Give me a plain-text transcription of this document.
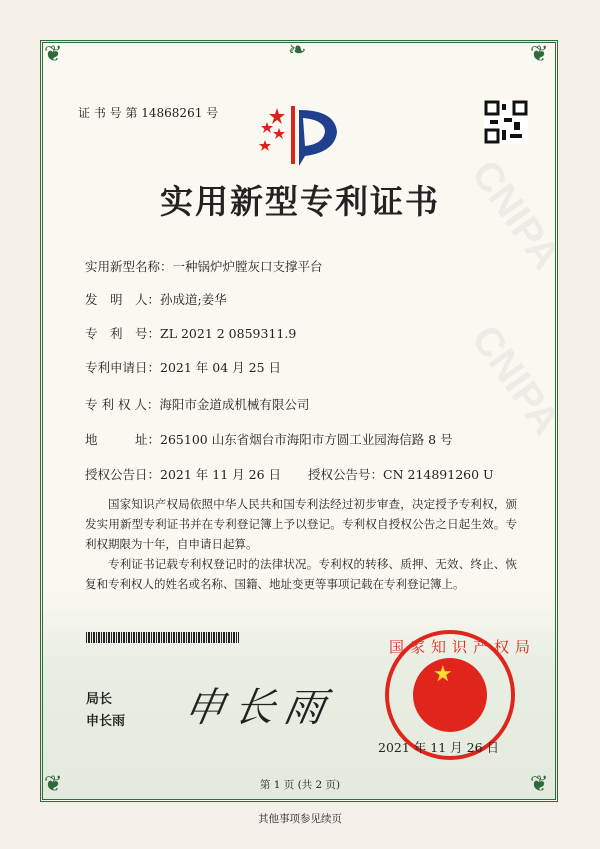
❦	❦
❦	❦
❧
CNIPA
CNIPA
证 书 号 第 14868261 号
实用新型专利证书
实用新型名称：一种锅炉炉膛灰口支撑平台
发　明　人：孙成道;姜华
专　利　号：ZL 2021 2 0859311.9
专利申请日：2021 年 04 月 25 日
专 利 权 人：海阳市金道成机械有限公司
地　　　址：265100 山东省烟台市海阳市方圆工业园海信路 8 号
授权公告日：2021 年 11 月 26 日 授权公告号：CN 214891260 U
国家知识产权局依照中华人民共和国专利法经过初步审查，决定授予专利权，颁发实用新型专利证书并在专利登记簿上予以登记。专利权自授权公告之日起生效。专利权期限为十年，自申请日起算。
专利证书记载专利权登记时的法律状况。专利权的转移、质押、无效、终止、恢复和专利权人的姓名或名称、国籍、地址变更等事项记载在专利登记簿上。
局长
申长雨 申长雨
★
国家知识产权局
2021 年 11 月 26 日
第 1 页 (共 2 页)
其他事项参见续页
